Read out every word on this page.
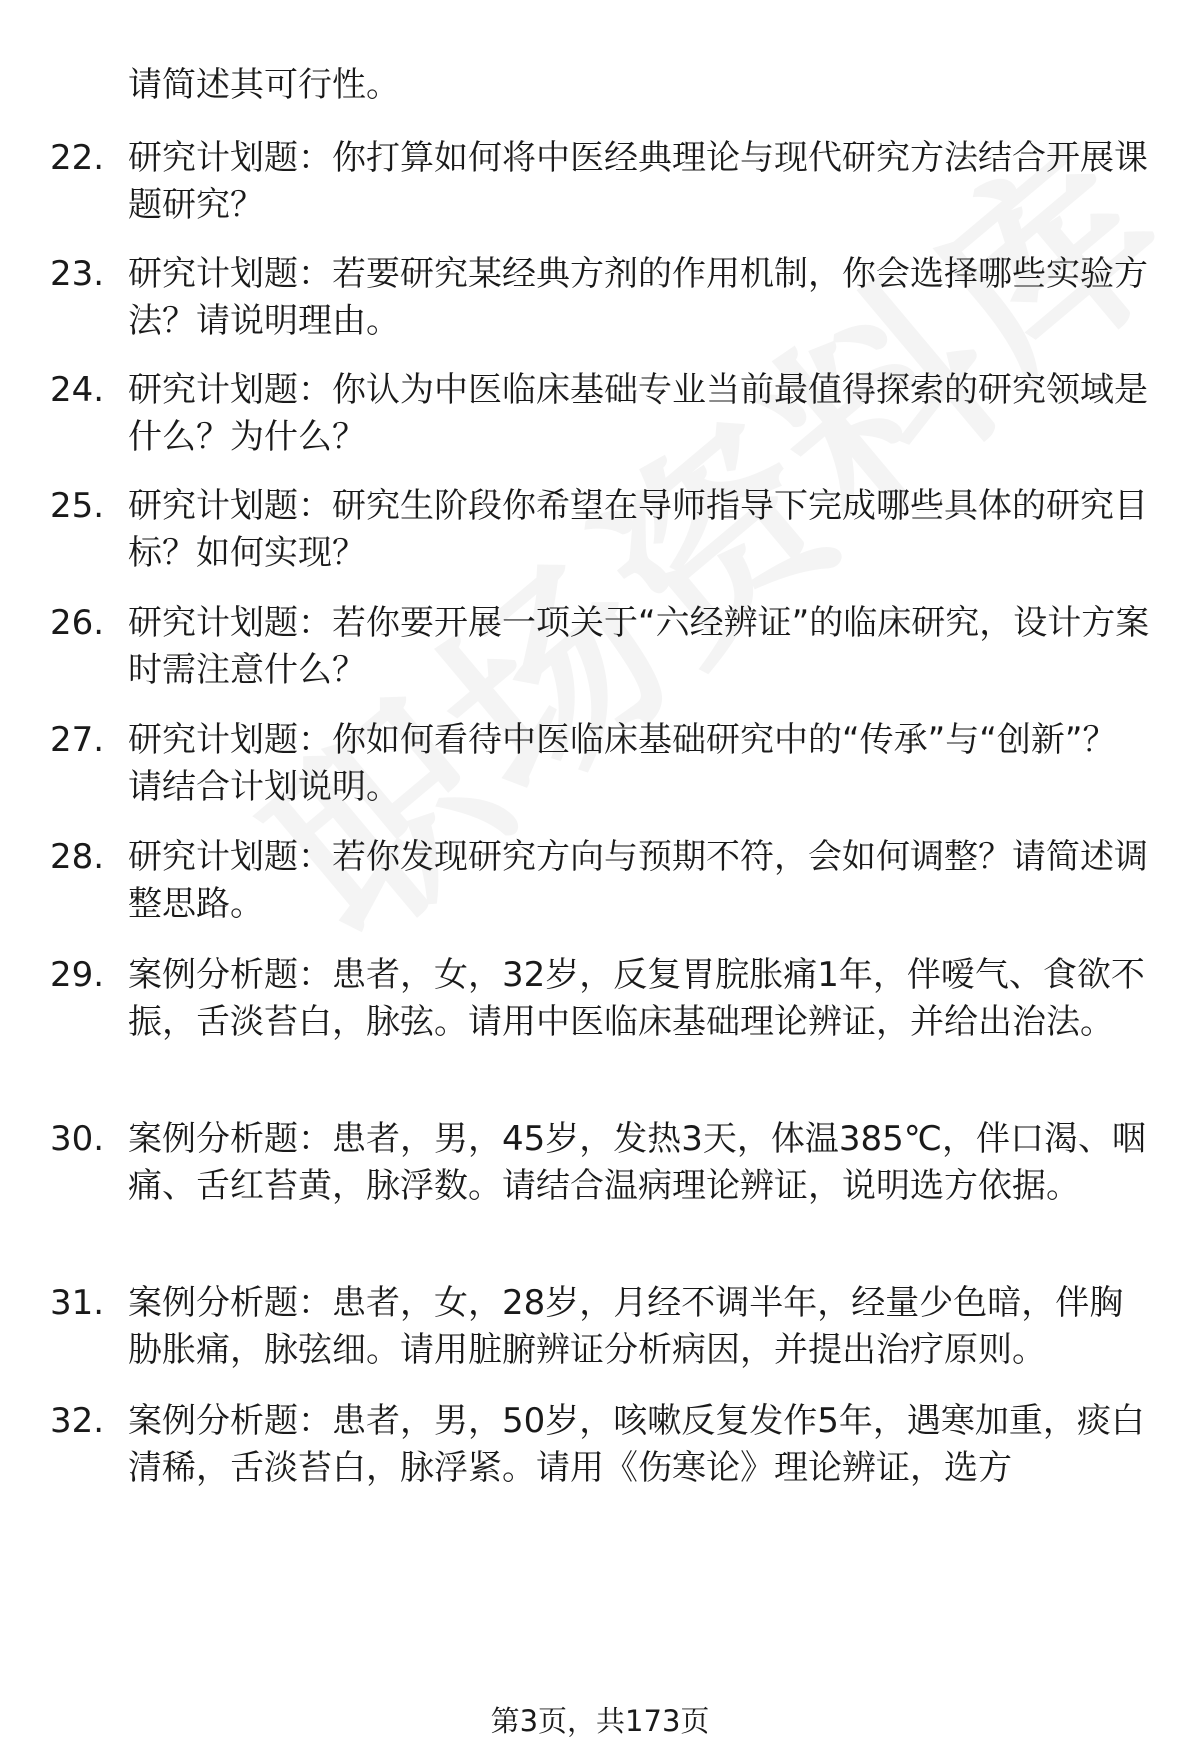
请简述其可行性。
22. 研究计划题：你打算如何将中医经典理论与现代研究方法结合开展课题研究？
23. 研究计划题：若要研究某经典方剂的作用机制，你会选择哪些实验方法？请说明理由。
24. 研究计划题：你认为中医临床基础专业当前最值得探索的研究领域是什么？为什么？
25. 研究计划题：研究生阶段你希望在导师指导下完成哪些具体的研究目标？如何实现？
26. 研究计划题：若你要开展一项关于“六经辨证”的临床研究，设计方案时需注意什么？
27. 研究计划题：你如何看待中医临床基础研究中的“传承”与“创新”？请结合计划说明。
28. 研究计划题：若你发现研究方向与预期不符，会如何调整？请简述调整思路。
29. 案例分析题：患者，女，32岁，反复胃脘胀痛1年，伴嗳气、食欲不振，舌淡苔白，脉弦。请用中医临床基础理论辨证，并给出治法。
30. 案例分析题：患者，男，45岁，发热3天，体温385℃，伴口渴、咽痛、舌红苔黄，脉浮数。请结合温病理论辨证，说明选方依据。
31. 案例分析题：患者，女，28岁，月经不调半年，经量少色暗，伴胸胁胀痛，脉弦细。请用脏腑辨证分析病因，并提出治疗原则。
32. 案例分析题：患者，男，50岁，咳嗽反复发作5年，遇寒加重，痰白清稀，舌淡苔白，脉浮紧。请用《伤寒论》理论辨证，选方
第3页，共173页
